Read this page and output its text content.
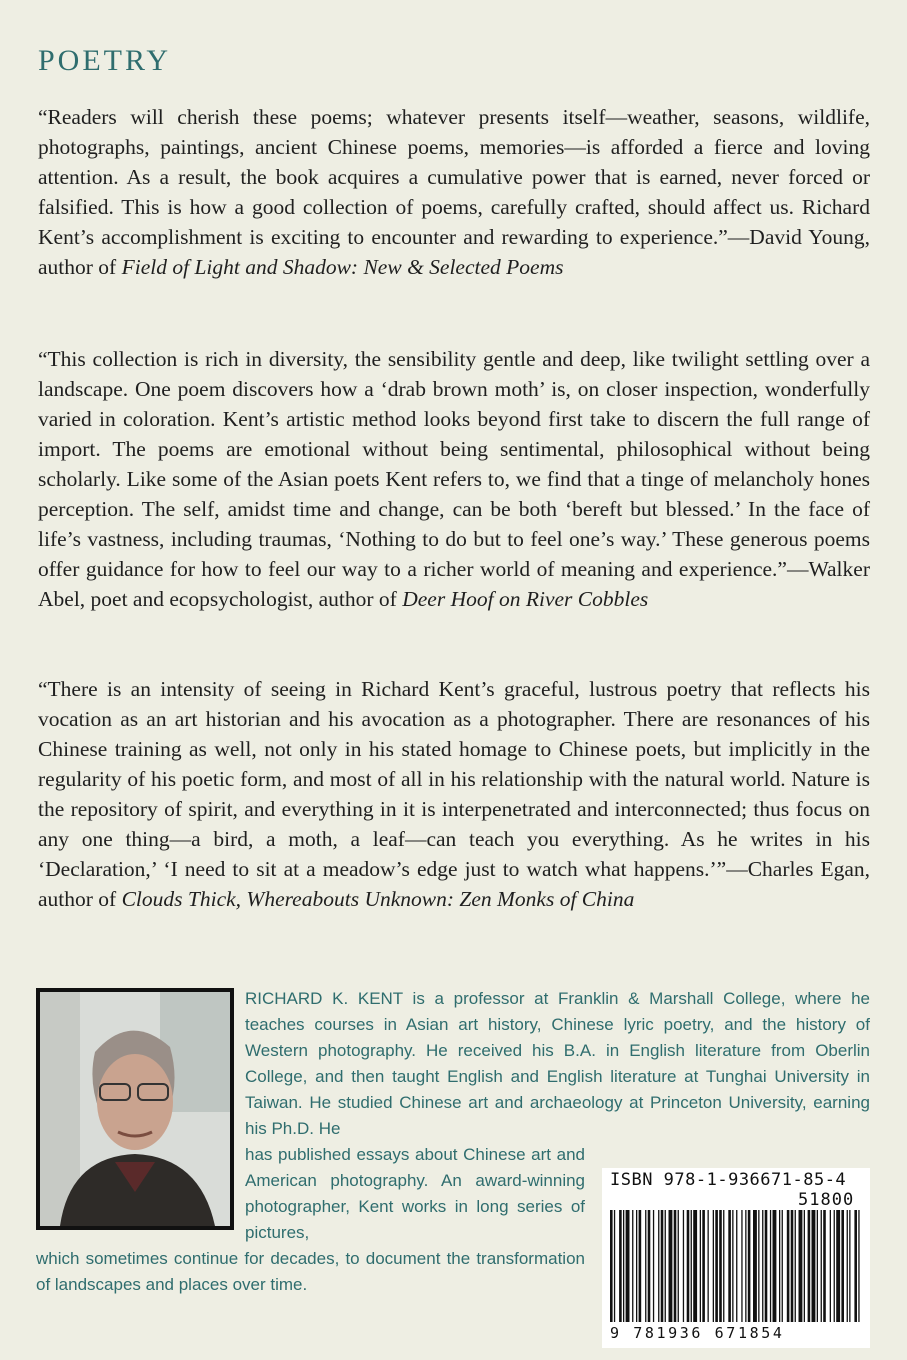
POETRY
“Readers will cherish these poems; whatever presents itself—weather, seasons, wildlife, photographs, paintings, ancient Chinese poems, memories—is afforded a fierce and loving attention. As a result, the book acquires a cumulative power that is earned, never forced or falsified. This is how a good collection of poems, carefully crafted, should affect us. Richard Kent’s accomplishment is exciting to encounter and rewarding to experience.”—David Young, author of Field of Light and Shadow: New & Selected Poems
“This collection is rich in diversity, the sensibility gentle and deep, like twilight settling over a landscape. One poem discovers how a ‘drab brown moth’ is, on closer inspection, wonderfully varied in coloration. Kent’s artistic method looks beyond first take to discern the full range of import. The poems are emotional without being sentimental, philosophical without being scholarly. Like some of the Asian poets Kent refers to, we find that a tinge of melancholy hones perception. The self, amidst time and change, can be both ‘bereft but blessed.’ In the face of life’s vastness, including traumas, ‘Nothing to do but to feel one’s way.’ These generous poems offer guidance for how to feel our way to a richer world of meaning and experience.”—Walker Abel, poet and ecopsychologist, author of Deer Hoof on River Cobbles
“There is an intensity of seeing in Richard Kent’s graceful, lustrous poetry that reflects his vocation as an art historian and his avocation as a photographer. There are resonances of his Chinese training as well, not only in his stated homage to Chinese poets, but implicitly in the regularity of his poetic form, and most of all in his relationship with the natural world. Nature is the repository of spirit, and everything in it is interpenetrated and interconnected; thus focus on any one thing—a bird, a moth, a leaf—can teach you everything. As he writes in his ‘Declaration,’ ‘I need to sit at a meadow’s edge just to watch what happens.’”—Charles Egan, author of Clouds Thick, Whereabouts Unknown: Zen Monks of China
RICHARD K. KENT is a professor at Franklin & Marshall College, where he teaches courses in Asian art history, Chinese lyric poetry, and the history of Western photography. He received his B.A. in English literature from Oberlin College, and then taught English and English literature at Tunghai University in Taiwan. He studied Chinese art and archaeology at Princeton University, earning his Ph.D. He
has published essays about Chinese art and American photography. An award-winning photographer, Kent works in long series of pictures,
which sometimes continue for decades, to document the transformation of landscapes and places over time.
ISBN 978-1-936671-85-4
51800
9 781936 671854
